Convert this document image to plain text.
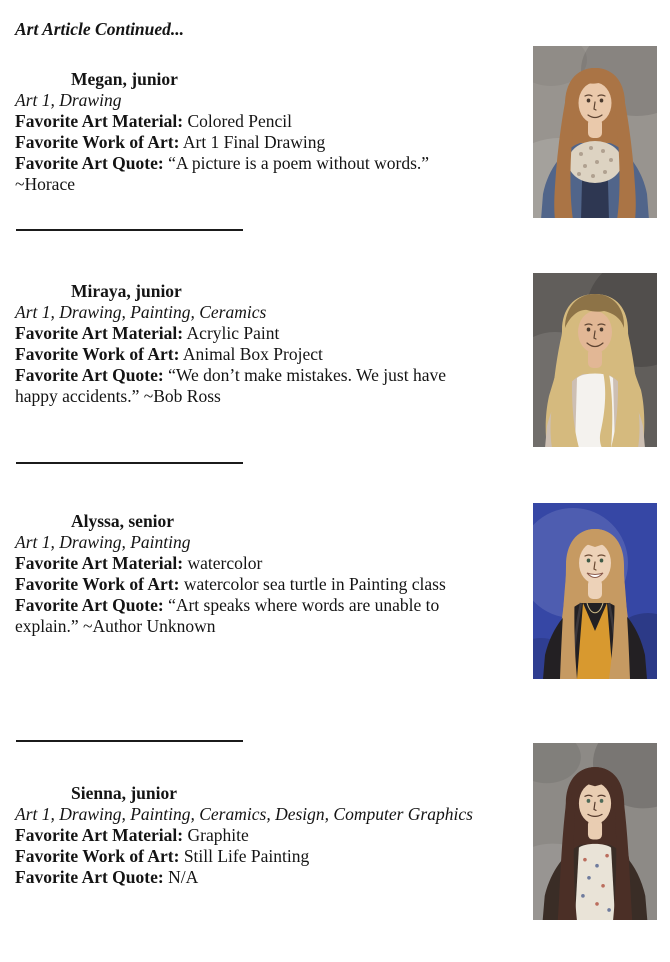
Art Article Continued...

Megan, junior

Art 1, Drawing

Favorite Art Material: Colored Pencil

Favorite Work of Art: Art 1 Final Drawing

Favorite Art Quote: “A picture is a poem without words.” ~Horace

Miraya, junior

Art 1, Drawing, Painting, Ceramics

Favorite Art Material: Acrylic Paint

Favorite Work of Art: Animal Box Project

Favorite Art Quote: “We don’t make mistakes. We just have happy accidents.” ~Bob Ross

Alyssa, senior

Art 1, Drawing, Painting

Favorite Art Material: watercolor

Favorite Work of Art: watercolor sea turtle in Painting class

Favorite Art Quote: “Art speaks where words are unable to explain.” ~Author Unknown

Sienna, junior

Art 1, Drawing, Painting, Ceramics, Design, Computer Graphics

Favorite Art Material: Graphite

Favorite Work of Art: Still Life Painting

Favorite Art Quote: N/A
